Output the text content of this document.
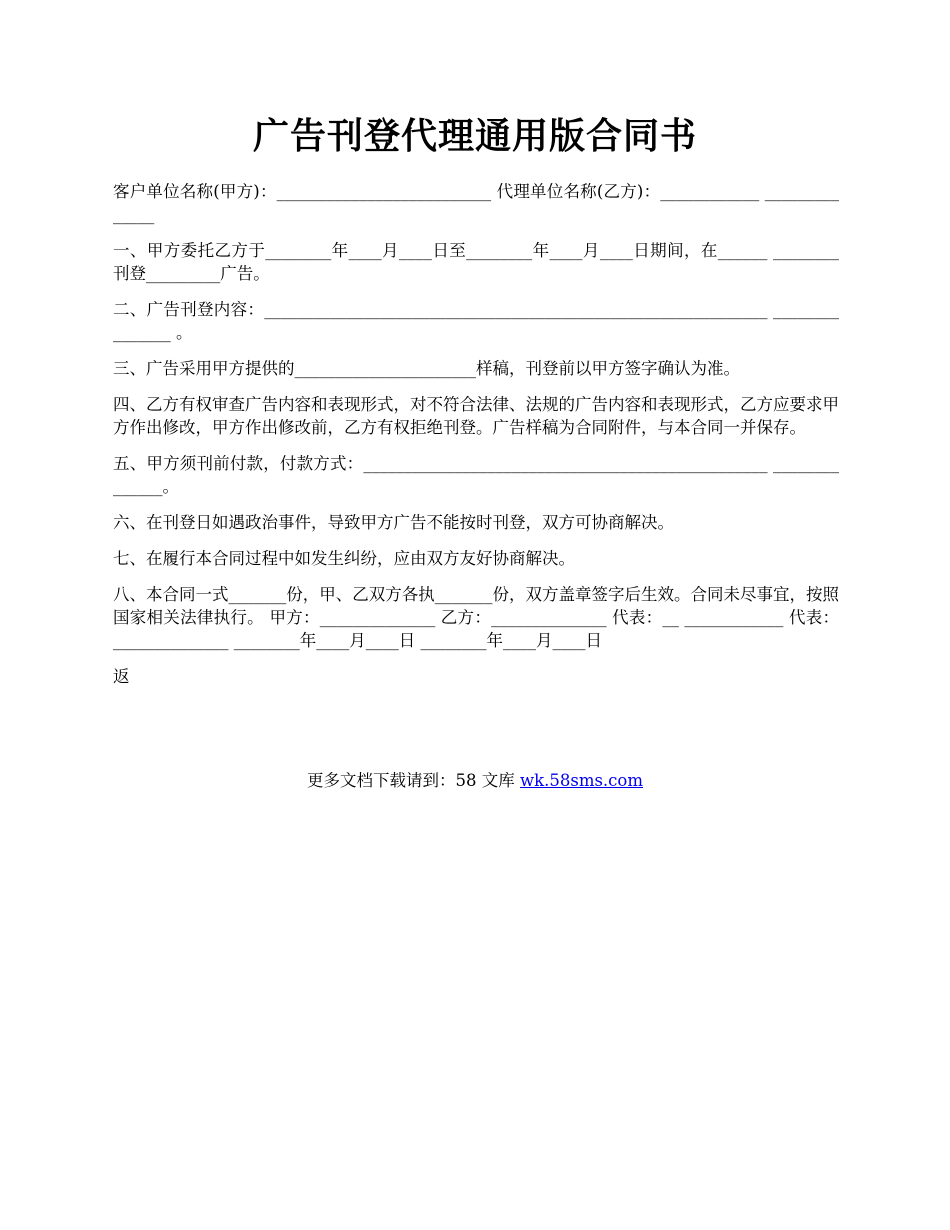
广告刊登代理通用版合同书

客户单位名称(甲方)：__________________________ 代理单位名称(乙方)：____________ ______________

一、甲方委托乙方于________年____月____日至________年____月____日期间，在______ ________刊登_________广告。

二、广告刊登内容：_____________________________________________________________ _______________ 。

三、广告采用甲方提供的______________________样稿，刊登前以甲方签字确认为准。

四、乙方有权审查广告内容和表现形式，对不符合法律、法规的广告内容和表现形式，乙方应要求甲方作出修改，甲方作出修改前，乙方有权拒绝刊登。广告样稿为合同附件，与本合同一并保存。

五、甲方须刊前付款，付款方式：_________________________________________________ ______________。

六、在刊登日如遇政治事件，导致甲方广告不能按时刊登，双方可协商解决。

七、在履行本合同过程中如发生纠纷，应由双方友好协商解决。

八、本合同一式_______份，甲、乙双方各执_______份，双方盖章签字后生效。合同未尽事宜，按照国家相关法律执行。 甲方：______________ 乙方：______________ 代表：__ ____________ 代表：______________ ________年____月____日 ________年____月____日

返

更多文档下载请到：58 文库 wk.58sms.com
